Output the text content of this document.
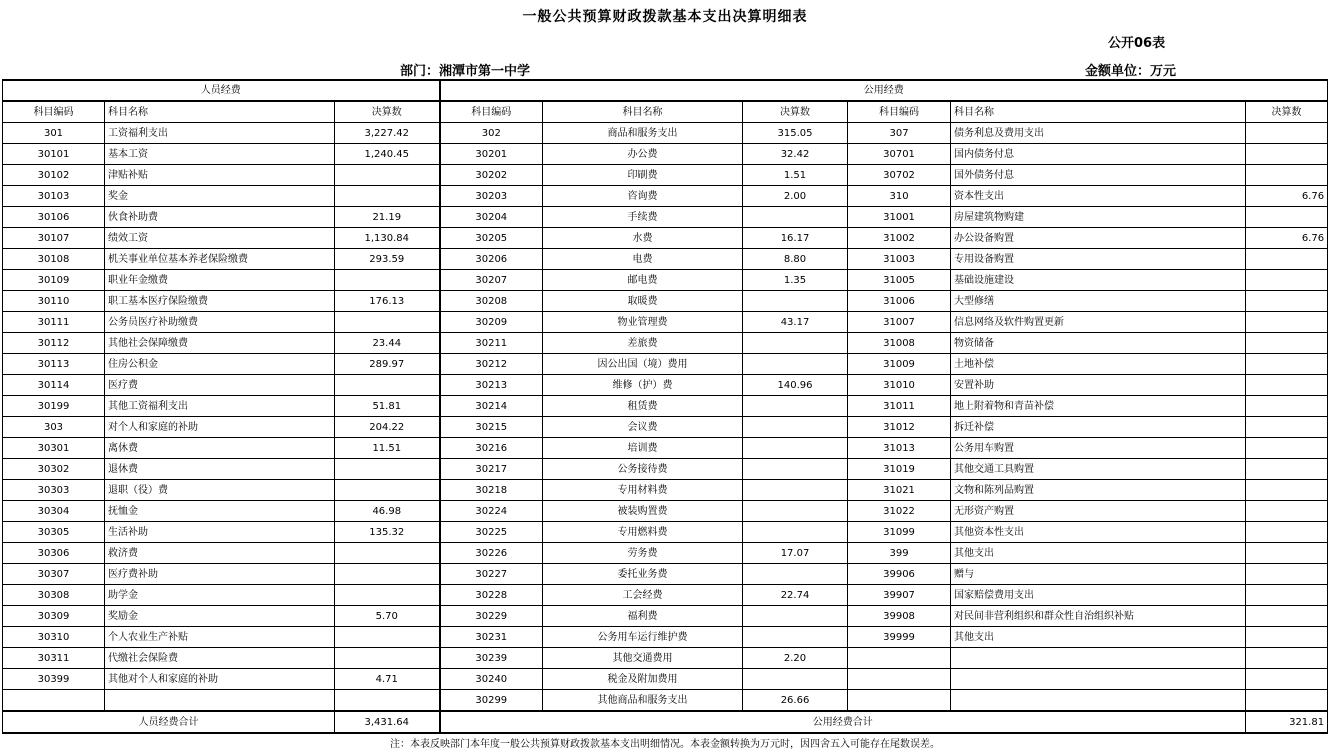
一般公共预算财政拨款基本支出决算明细表
公开06表
部门：湘潭市第一中学	金额单位：万元
人员经费			公用经费					
科目编码	科目名称	决算数	科目编码	科目名称	决算数	科目编码	科目名称	决算数
301	工资福利支出	3,227.42	302	商品和服务支出	315.05	307	债务利息及费用支出	
30101	基本工资	1,240.45	30201	办公费	32.42	30701	国内债务付息	
30102	津贴补贴		30202	印刷费	1.51	30702	国外债务付息	
30103	奖金		30203	咨询费	2.00	310	资本性支出	6.76
30106	伙食补助费	21.19	30204	手续费		31001	房屋建筑物购建	
30107	绩效工资	1,130.84	30205	水费	16.17	31002	办公设备购置	6.76
30108	机关事业单位基本养老保险缴费	293.59	30206	电费	8.80	31003	专用设备购置	
30109	职业年金缴费		30207	邮电费	1.35	31005	基础设施建设	
30110	职工基本医疗保险缴费	176.13	30208	取暖费		31006	大型修缮	
30111	公务员医疗补助缴费		30209	物业管理费	43.17	31007	信息网络及软件购置更新	
30112	其他社会保障缴费	23.44	30211	差旅费		31008	物资储备	
30113	住房公积金	289.97	30212	因公出国（境）费用		31009	土地补偿	
30114	医疗费		30213	维修（护）费	140.96	31010	安置补助	
30199	其他工资福利支出	51.81	30214	租赁费		31011	地上附着物和青苗补偿	
303	对个人和家庭的补助	204.22	30215	会议费		31012	拆迁补偿	
30301	离休费	11.51	30216	培训费		31013	公务用车购置	
30302	退休费		30217	公务接待费		31019	其他交通工具购置	
30303	退职（役）费		30218	专用材料费		31021	文物和陈列品购置	
30304	抚恤金	46.98	30224	被装购置费		31022	无形资产购置	
30305	生活补助	135.32	30225	专用燃料费		31099	其他资本性支出	
30306	救济费		30226	劳务费	17.07	399	其他支出	
30307	医疗费补助		30227	委托业务费		39906	赠与	
30308	助学金		30228	工会经费	22.74	39907	国家赔偿费用支出	
30309	奖励金	5.70	30229	福利费		39908	对民间非营利组织和群众性自治组织补贴	
30310	个人农业生产补贴		30231	公务用车运行维护费		39999	其他支出	
30311	代缴社会保险费		30239	其他交通费用	2.20			
30399	其他对个人和家庭的补助	4.71	30240	税金及附加费用				
			30299	其他商品和服务支出	26.66			
人员经费合计		3,431.64	公用经费合计					321.81
注：本表反映部门本年度一般公共预算财政拨款基本支出明细情况。本表金额转换为万元时，因四舍五入可能存在尾数误差。
